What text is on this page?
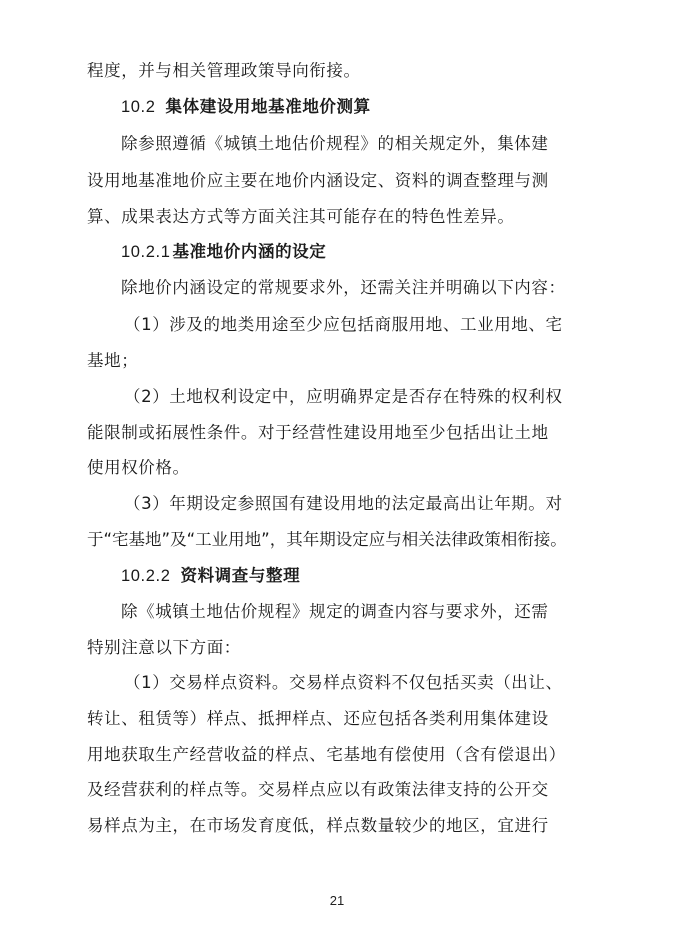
程度，并与相关管理政策导向衔接。
10.2 集体建设用地基准地价测算
除参照遵循《城镇土地估价规程》的相关规定外，集体建
设用地基准地价应主要在地价内涵设定、资料的调查整理与测
算、成果表达方式等方面关注其可能存在的特色性差异。
10.2.1 基准地价内涵的设定
除地价内涵设定的常规要求外，还需关注并明确以下内容：
（1）涉及的地类用途至少应包括商服用地、工业用地、宅
基地；
（2）土地权利设定中，应明确界定是否存在特殊的权利权
能限制或拓展性条件。对于经营性建设用地至少包括出让土地
使用权价格。
（3）年期设定参照国有建设用地的法定最高出让年期。对
于“宅基地”及“工业用地”，其年期设定应与相关法律政策相衔接。
10.2.2 资料调查与整理
除《城镇土地估价规程》规定的调查内容与要求外，还需
特别注意以下方面：
（1）交易样点资料。交易样点资料不仅包括买卖（出让、
转让、租赁等）样点、抵押样点、还应包括各类利用集体建设
用地获取生产经营收益的样点、宅基地有偿使用（含有偿退出）
及经营获利的样点等。交易样点应以有政策法律支持的公开交
易样点为主，在市场发育度低，样点数量较少的地区，宜进行
21
